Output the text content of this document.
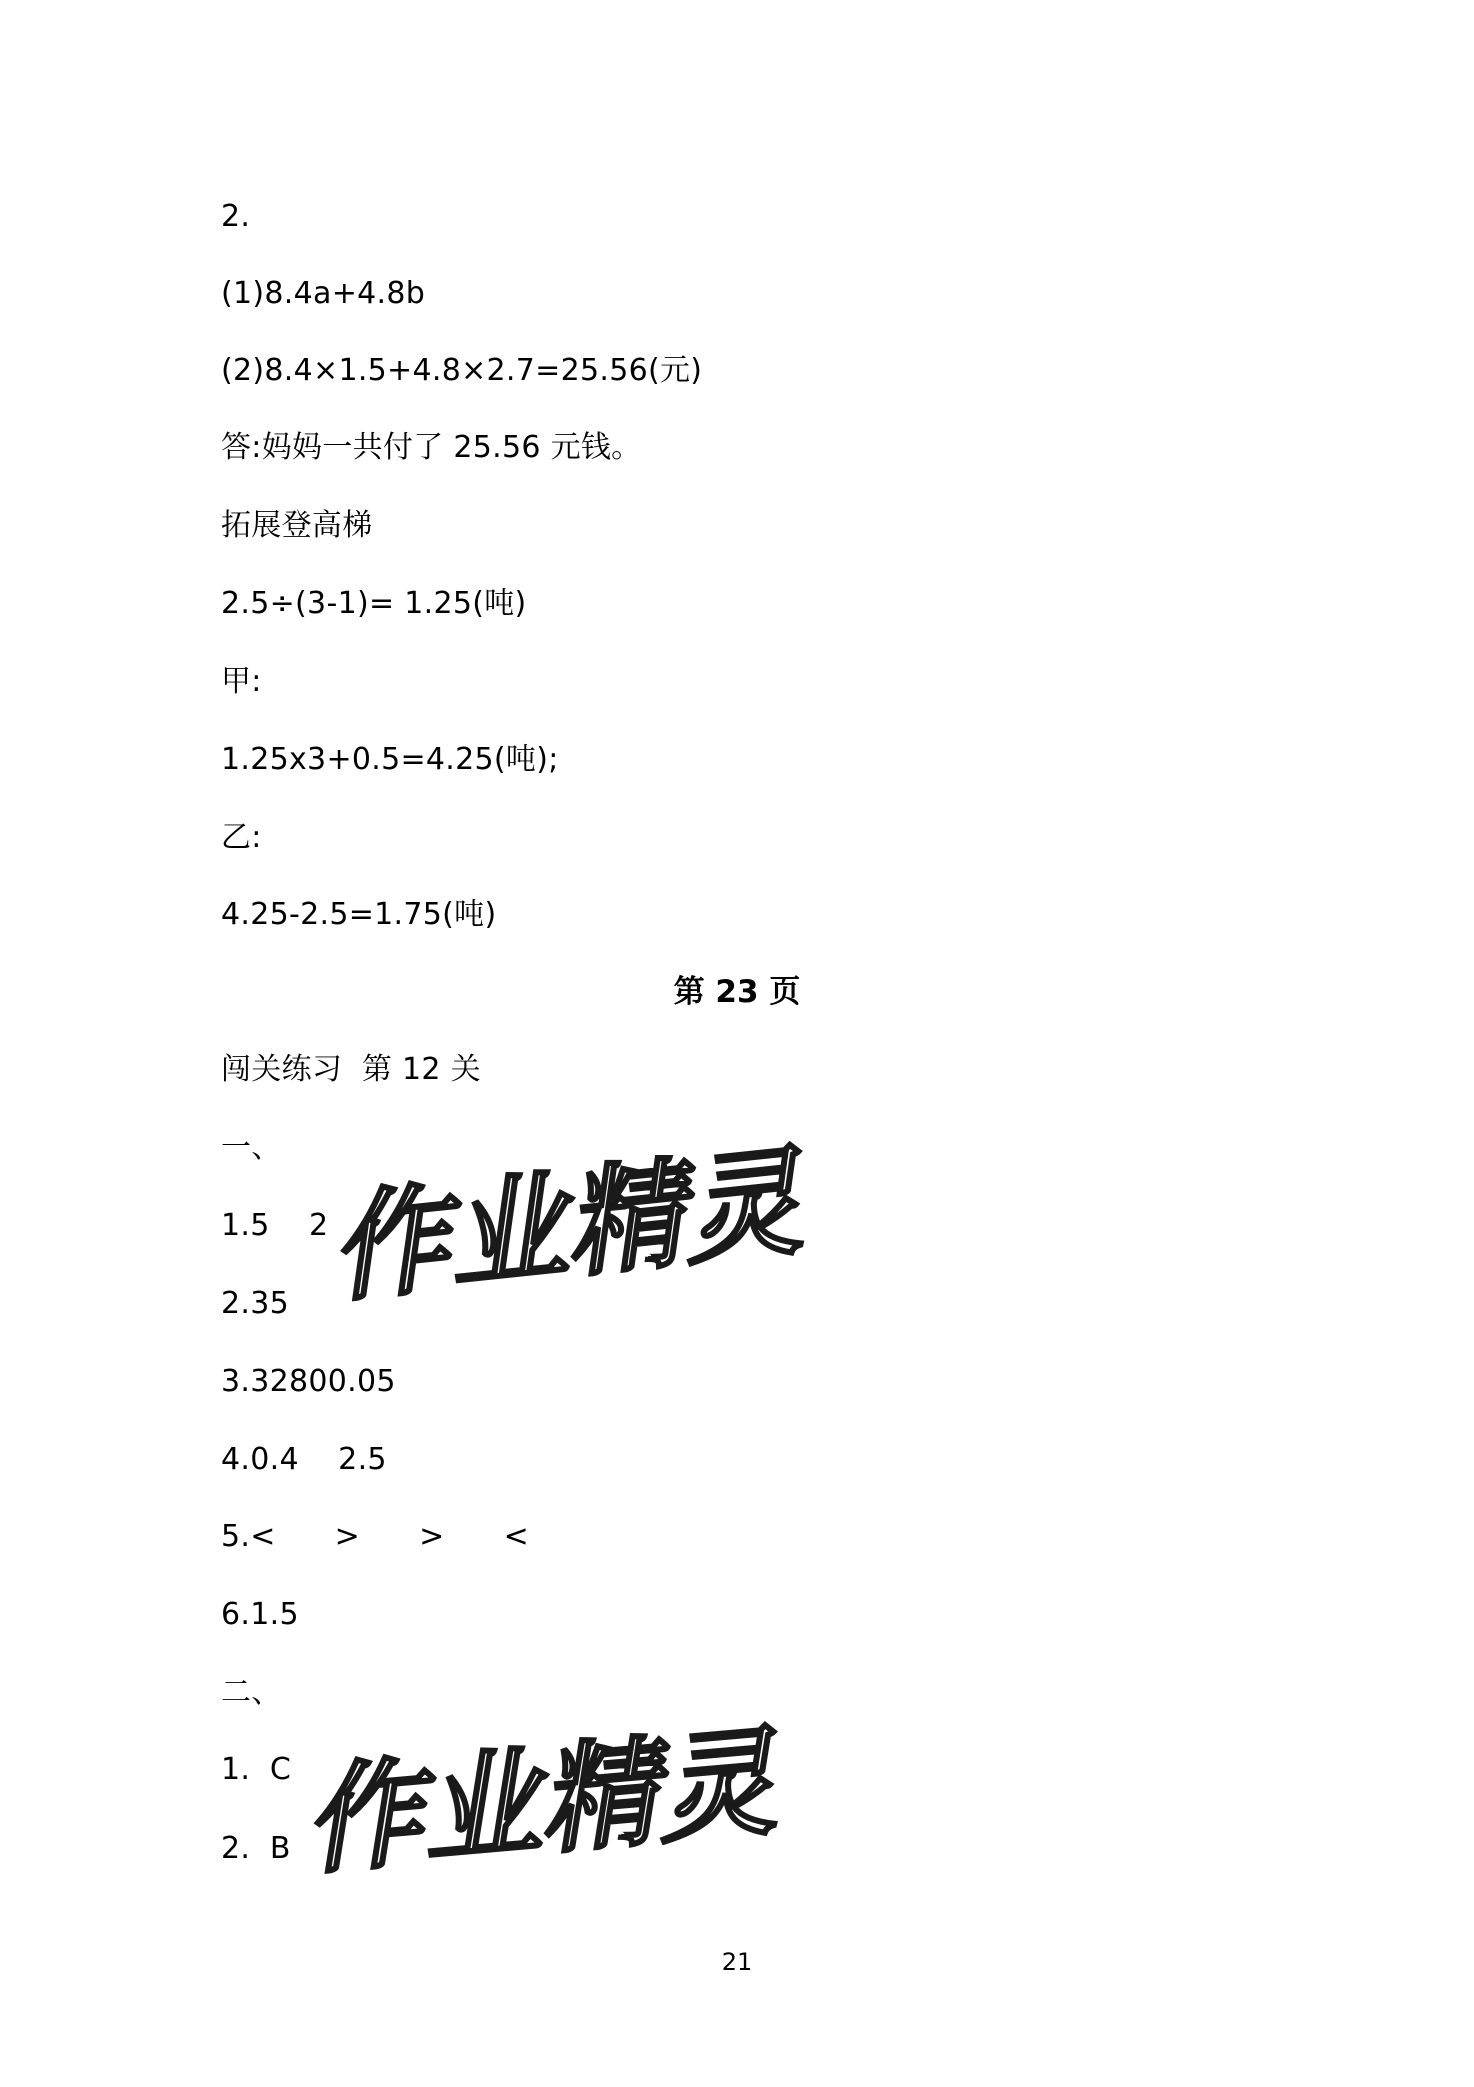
2.
(1)8.4a+4.8b
(2)8.4×1.5+4.8×2.7=25.56(元)
答:妈妈一共付了 25.56 元钱。
拓展登高梯
2.5÷(3-1)= 1.25(吨)
甲:
1.25x3+0.5=4.25(吨);
乙:
4.25-2.5=1.75(吨)
第 23 页
闯关练习  第 12 关
一、
1.5    2
2.35
3.32800.05
4.0.4    2.5
5.<      >      >      <
6.1.5
二、
1.  C
2.  B
21
作业精灵
作业精灵
